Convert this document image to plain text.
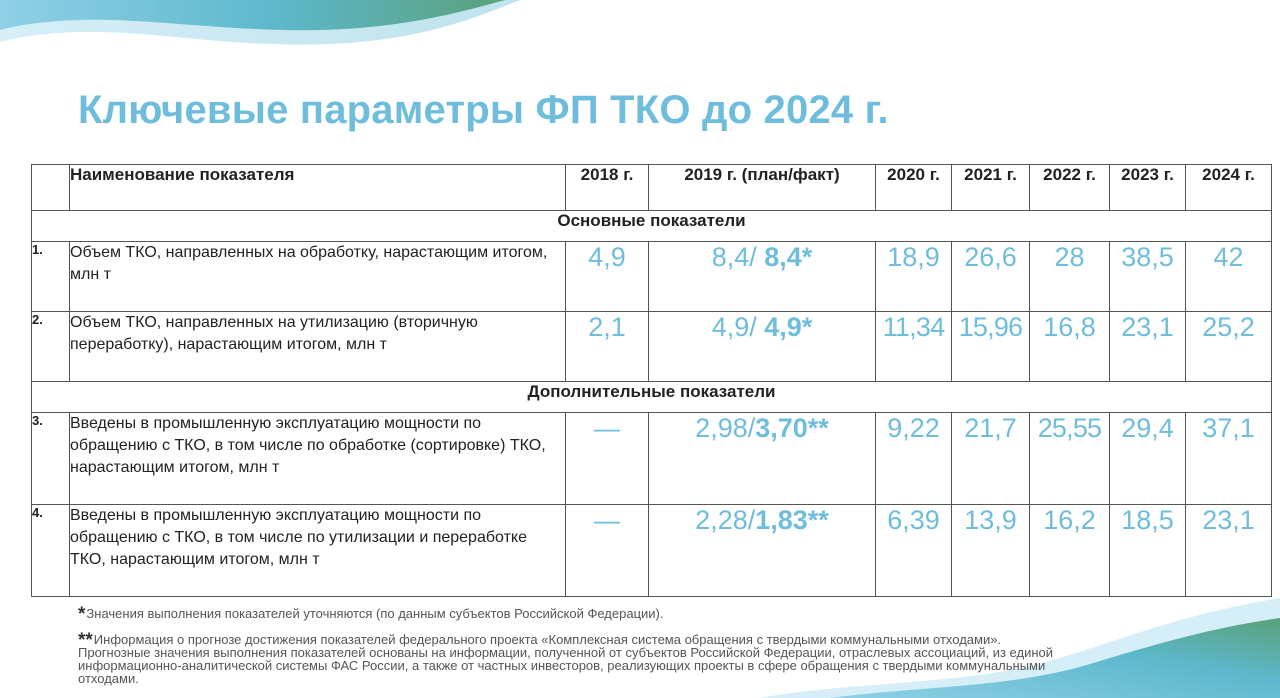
Ключевые параметры ФП ТКО до 2024 г.
	Наименование показателя	2018 г.	2019 г. (план/факт)	2020 г.	2021 г.	2022 г.	2023 г.	2024 г.
Основные показатели								
1.	Объем ТКО, направленных на обработку, нарастающим итогом, млн т	4,9	8,4/ 8,4*	18,9	26,6	28	38,5	42
2.	Объем ТКО, направленных на утилизацию (вторичную переработку), нарастающим итогом, млн т	2,1	4,9/ 4,9*	11,34	15,96	16,8	23,1	25,2
Дополнительные показатели								
3.	Введены в промышленную эксплуатацию мощности по обращению с ТКО, в том числе по обработке (сортировке) ТКО, нарастающим итогом, млн т	—	2,98/3,70**	9,22	21,7	25,55	29,4	37,1
4.	Введены в промышленную эксплуатацию мощности по обращению с ТКО, в том числе по утилизации и переработке ТКО, нарастающим итогом, млн т	—	2,28/1,83**	6,39	13,9	16,2	18,5	23,1
*Значения выполнения показателей уточняются (по данным субъектов Российской Федерации).
**Информация о прогнозе достижения показателей федерального проекта «Комплексная система обращения с твердыми коммунальными отходами». Прогнозные значения выполнения показателей основаны на информации, полученной от субъектов Российской Федерации, отраслевых ассоциаций, из единой информационно-аналитической системы ФАС России, а также от частных инвесторов, реализующих проекты в сфере обращения с твердыми коммунальными отходами.
